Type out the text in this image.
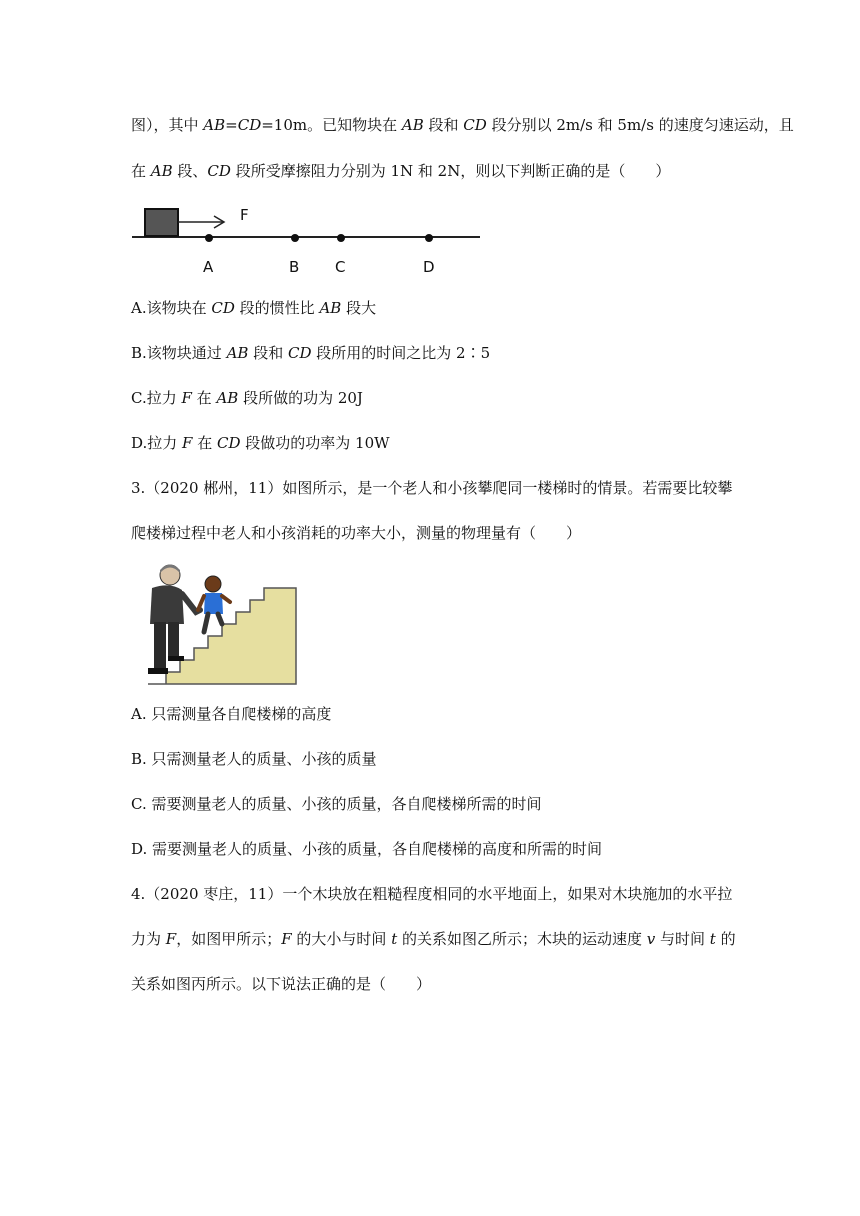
图），其中 AB=CD=10m。已知物块在 AB 段和 CD 段分别以 2m/s 和 5m/s 的速度匀速运动，且
在 AB 段、CD 段所受摩擦阻力分别为 1N 和 2N，则以下判断正确的是（　　）
F
A	B C	D
A.该物块在 CD 段的惯性比 AB 段大
B.该物块通过 AB 段和 CD 段所用的时间之比为 2∶5
C.拉力 F 在 AB 段所做的功为 20J
D.拉力 F 在 CD 段做功的功率为 10W
3.（2020 郴州，11）如图所示，是一个老人和小孩攀爬同一楼梯时的情景。若需要比较攀
爬楼梯过程中老人和小孩消耗的功率大小，测量的物理量有（　　）
A. 只需测量各自爬楼梯的高度
B. 只需测量老人的质量、小孩的质量
C. 需要测量老人的质量、小孩的质量，各自爬楼梯所需的时间
D. 需要测量老人的质量、小孩的质量，各自爬楼梯的高度和所需的时间
4.（2020 枣庄，11）一个木块放在粗糙程度相同的水平地面上，如果对木块施加的水平拉
力为 F，如图甲所示；F 的大小与时间 t 的关系如图乙所示；木块的运动速度 v 与时间 t 的
关系如图丙所示。以下说法正确的是（　　）
